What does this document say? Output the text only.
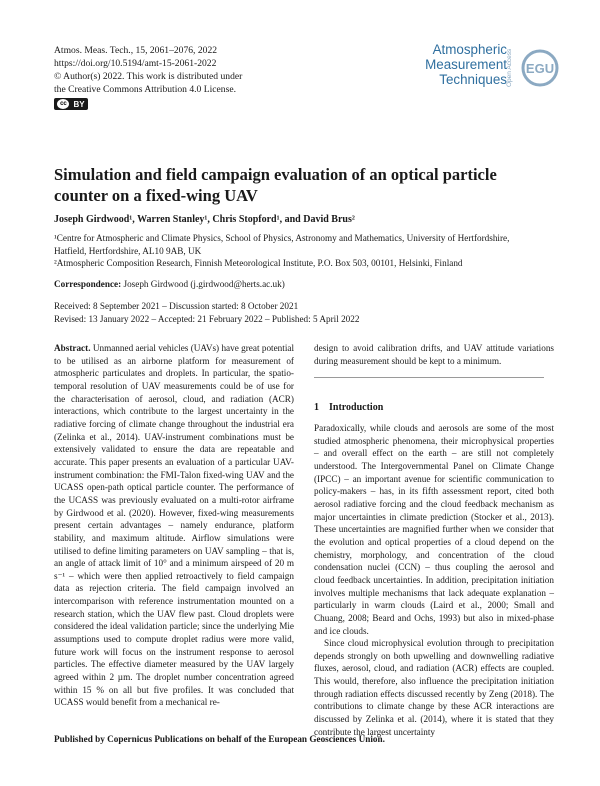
Atmos. Meas. Tech., 15, 2061–2076, 2022
https://doi.org/10.5194/amt-15-2061-2022
© Author(s) 2022. This work is distributed under
the Creative Commons Attribution 4.0 License.
cc BY
Atmospheric
Measurement
Techniques Open Access EGU
Simulation and field campaign evaluation of an optical particle
counter on a fixed-wing UAV
Joseph Girdwood¹, Warren Stanley¹, Chris Stopford¹, and David Brus²
¹Centre for Atmospheric and Climate Physics, School of Physics, Astronomy and Mathematics, University of Hertfordshire,
Hatfield, Hertfordshire, AL10 9AB, UK
²Atmospheric Composition Research, Finnish Meteorological Institute, P.O. Box 503, 00101, Helsinki, Finland
Correspondence: Joseph Girdwood (j.girdwood@herts.ac.uk)
Received: 8 September 2021 – Discussion started: 8 October 2021
Revised: 13 January 2022 – Accepted: 21 February 2022 – Published: 5 April 2022

Abstract. Unmanned aerial vehicles (UAVs) have great potential to be utilised as an airborne platform for measurement of atmospheric particulates and droplets. In particular, the spatio-temporal resolution of UAV measurements could be of use for the characterisation of aerosol, cloud, and radiation (ACR) interactions, which contribute to the largest uncertainty in the radiative forcing of climate change throughout the industrial era (Zelinka et al., 2014). UAV-instrument combinations must be extensively validated to ensure the data are repeatable and accurate. This paper presents an evaluation of a particular UAV-instrument combination: the FMI-Talon fixed-wing UAV and the UCASS open-path optical particle counter. The performance of the UCASS was previously evaluated on a multi-rotor airframe by Girdwood et al. (2020). However, fixed-wing measurements present certain advantages – namely endurance, platform stability, and maximum altitude. Airflow simulations were utilised to define limiting parameters on UAV sampling – that is, an angle of attack limit of 10° and a minimum airspeed of 20 m s⁻¹ – which were then applied retroactively to field campaign data as rejection criteria. The field campaign involved an intercomparison with reference instrumentation mounted on a research station, which the UAV flew past. Cloud droplets were considered the ideal validation particle; since the underlying Mie assumptions used to compute droplet radius were more valid, future work will focus on the instrument response to aerosol particles. The effective diameter measured by the UAV largely agreed within 2 µm. The droplet number concentration agreed within 15 % on all but five profiles. It was concluded that UCASS would benefit from a mechanical re-

design to avoid calibration drifts, and UAV attitude variations during measurement should be kept to a minimum.

1 Introduction

Paradoxically, while clouds and aerosols are some of the most studied atmospheric phenomena, their microphysical properties – and overall effect on the earth – are still not completely understood. The Intergovernmental Panel on Climate Change (IPCC) – an important avenue for scientific communication to policy-makers – has, in its fifth assessment report, cited both aerosol radiative forcing and the cloud feedback mechanism as major uncertainties in climate prediction (Stocker et al., 2013). These uncertainties are magnified further when we consider that the evolution and optical properties of a cloud depend on the chemistry, morphology, and concentration of the cloud condensation nuclei (CCN) – thus coupling the aerosol and cloud feedback uncertainties. In addition, precipitation initiation involves multiple mechanisms that lack adequate explanation – particularly in warm clouds (Laird et al., 2000; Small and Chuang, 2008; Beard and Ochs, 1993) but also in mixed-phase and ice clouds.

Since cloud microphysical evolution through to precipitation depends strongly on both upwelling and downwelling radiative fluxes, aerosol, cloud, and radiation (ACR) effects are coupled. This would, therefore, also influence the precipitation initiation through radiation effects discussed recently by Zeng (2018). The contributions to climate change by these ACR interactions are discussed by Zelinka et al. (2014), where it is stated that they contribute the largest uncertainty

Published by Copernicus Publications on behalf of the European Geosciences Union.
